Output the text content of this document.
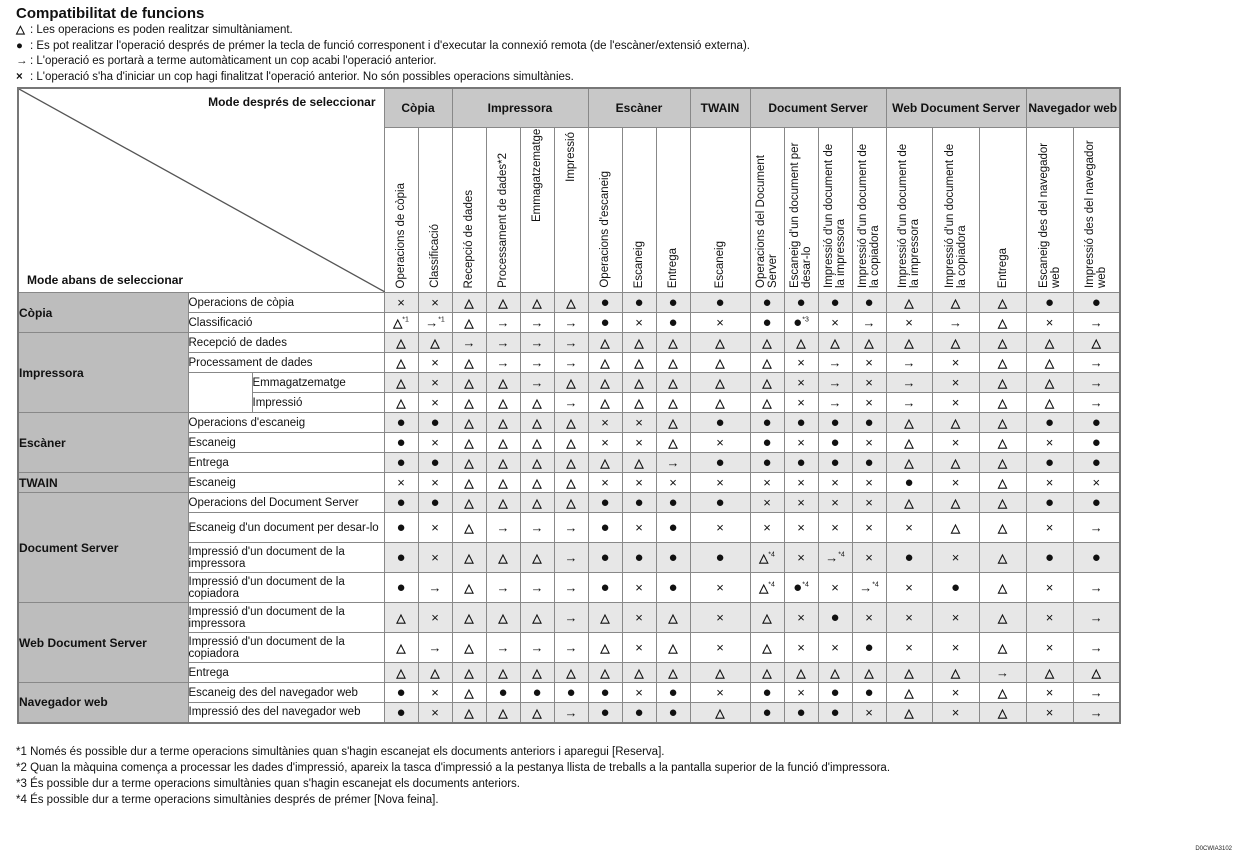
Compatibilitat de funcions
△ : Les operacions es poden realitzar simultàniament.
● : Es pot realitzar l'operació després de prémer la tecla de funció corresponent i d'executar la connexió remota (de l'escàner/extensió externa).
→ : L'operació es portarà a terme automàticament un cop acabi l'operació anterior.
× : L'operació s'ha d'iniciar un cop hagi finalitzat l'operació anterior. No són possibles operacions simultànies.
Mode després de seleccionar
Mode abans de seleccionar			Còpia		Impressora				Escàner			TWAIN	Document Server				Web Document Server			Navegador web	

			Operacions de còpia	Classificació	Recepció de dades	Processament de dades*2	Emmagatzematge	Impressió	Operacions d'escaneig	Escaneig	Entrega	Escaneig	Operacions del Document Server	Escaneig d'un document per desar-lo	Impressió d'un document de la impressora	Impressió d'un document de la copiadora	Impressió d'un document de la impressora	Impressió d'un document de la copiadora	Entrega	Escaneig des del navegador web	Impressió des del navegador web

Còpia	Operacions de còpia		×	×	△	△	△	△	●	●	●	●	●	●	●	●	△	△	△	●	●
	Classificació		△$^{*1}$	→$^{*1}$	△	→	→	→	●	×	●	×	●	●$^{*3}$	×	→	×	→	△	×	→
Impressora	Recepció de dades		△	△	→	→	→	→	△	△	△	△	△	△	△	△	△	△	△	△	△
	Processament de dades		△	×	△	→	→	→	△	△	△	△	△	×	→	×	→	×	△	△	→
		Emmagatzematge	△	×	△	△	→	△	△	△	△	△	△	×	→	×	→	×	△	△	→
		Impressió	△	×	△	△	△	→	△	△	△	△	△	×	→	×	→	×	△	△	→
Escàner	Operacions d'escaneig		●	●	△	△	△	△	×	×	△	●	●	●	●	●	△	△	△	●	●
	Escaneig		●	×	△	△	△	△	×	×	△	×	●	×	●	×	△	×	△	×	●
	Entrega		●	●	△	△	△	△	△	△	→	●	●	●	●	●	△	△	△	●	●
TWAIN	Escaneig		×	×	△	△	△	△	×	×	×	×	×	×	×	×	●	×	△	×	×
Document Server	Operacions del Document Server		●	●	△	△	△	△	●	●	●	●	×	×	×	×	△	△	△	●	●
	Escaneig d'un document per desar-lo		●	×	△	→	→	→	●	×	●	×	×	×	×	×	×	△	△	×	→
	Impressió d'un document de la impressora		●	×	△	△	△	→	●	●	●	●	△$^{*4}$	×	→$^{*4}$	×	●	×	△	●	●
	Impressió d'un document de la copiadora		●	→	△	→	→	→	●	×	●	×	△$^{*4}$	●$^{*4}$	×	→$^{*4}$	×	●	△	×	→
Web Document Server	Impressió d'un document de la impressora		△	×	△	△	△	→	△	×	△	×	△	×	●	×	×	×	△	×	→
	Impressió d'un document de la copiadora		△	→	△	→	→	→	△	×	△	×	△	×	×	●	×	×	△	×	→
	Entrega		△	△	△	△	△	△	△	△	△	△	△	△	△	△	△	△	→	△	△
Navegador web	Escaneig des del navegador web		●	×	△	●	●	●	●	×	●	×	●	×	●	●	△	×	△	×	→
	Impressió des del navegador web		●	×	△	△	△	→	●	●	●	△	●	●	●	×	△	×	△	×	→
*1 Només és possible dur a terme operacions simultànies quan s'hagin escanejat els documents anteriors i aparegui [Reserva].
*2 Quan la màquina comença a processar les dades d'impressió, apareix la tasca d'impressió a la pestanya llista de treballs a la pantalla superior de la funció d'impressora.
*3 És possible dur a terme operacions simultànies quan s'hagin escanejat els documents anteriors.
*4 És possible dur a terme operacions simultànies després de prémer [Nova feina].
D0CWIA3102
